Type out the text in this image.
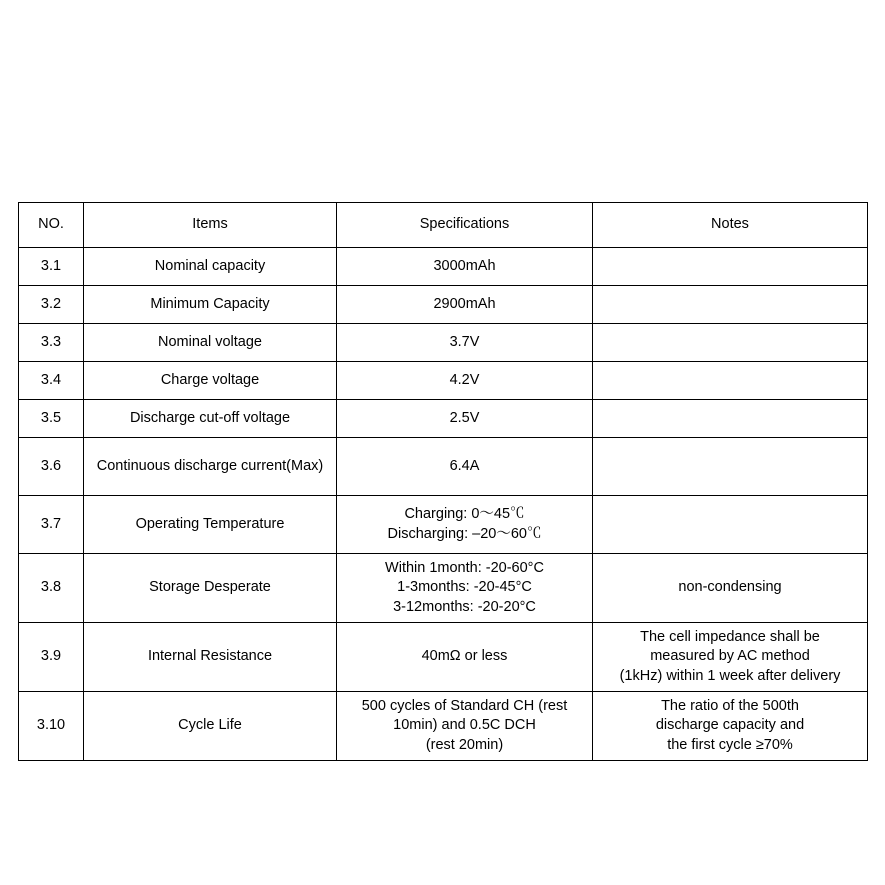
NO.	Items	Specifications	Notes
3.1	Nominal capacity	3000mAh	

3.2	Minimum Capacity	2900mAh	

3.3	Nominal voltage	3.7V	

3.4	Charge voltage	4.2V	

3.5	Discharge cut-off voltage	2.5V	

3.6	Continuous discharge current(Max)	6.4A	

3.7	Operating Temperature	Charging: 0～45℃
Discharging: –20～60℃	

3.8	Storage Desperate	Within 1month: -20-60°C
1-3months: -20-45°C
3-12months: -20-20°C	non-condensing

3.9	Internal Resistance	40mΩ or less	The cell impedance shall be
measured by AC method
(1kHz) within 1 week after delivery

3.10	Cycle Life	500 cycles of Standard CH (rest
10min) and 0.5C DCH
(rest 20min)	The ratio of the 500th
discharge capacity and
the first cycle ≥70%
